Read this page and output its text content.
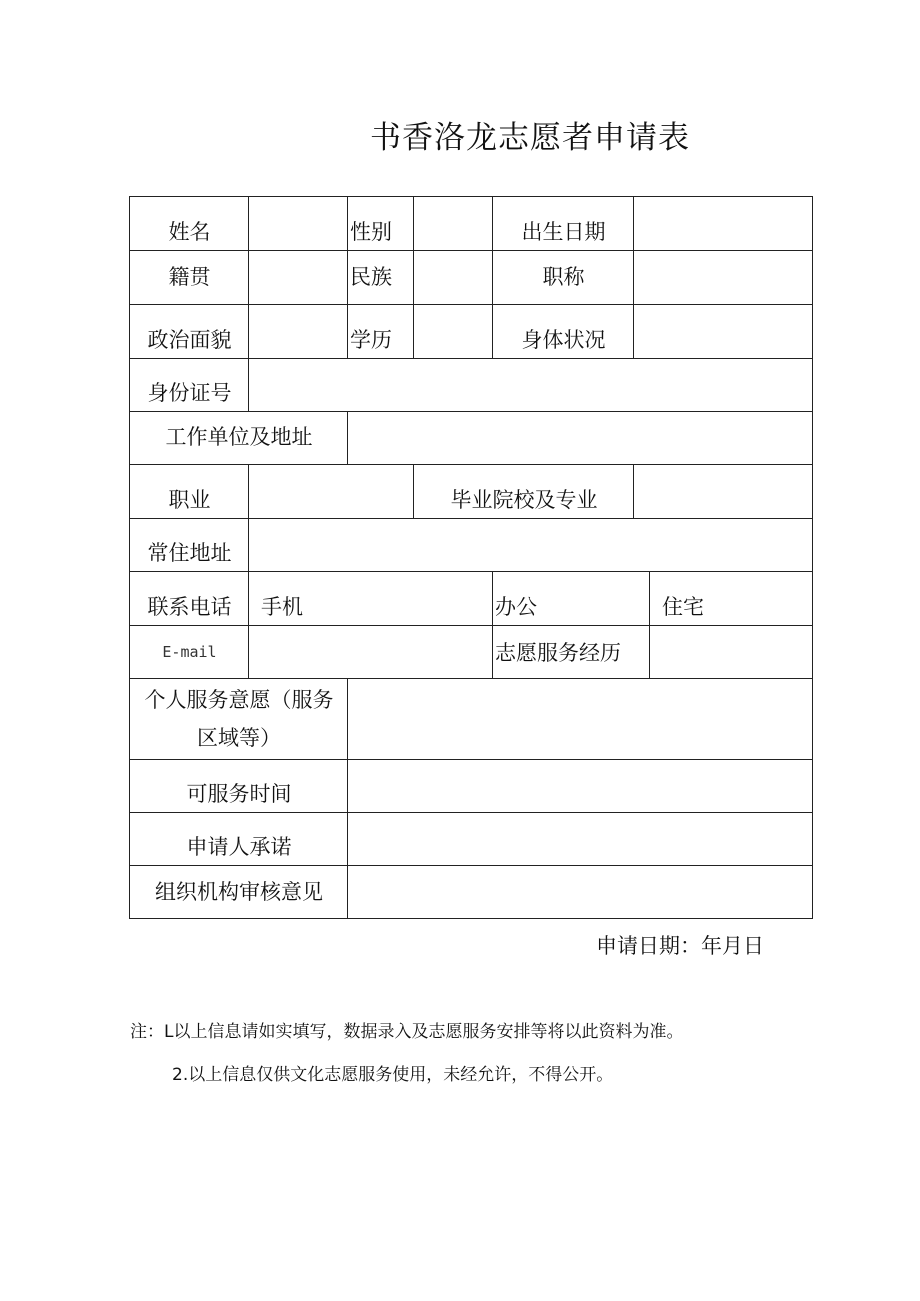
书香洛龙志愿者申请表
姓名	性别	出生日期
籍贯	民族	职称
政治面貌	学历	身体状况
身份证号
工作单位及地址
职业	毕业院校及专业
常住地址
联系电话	手机	办公	住宅
E-mail	志愿服务经历
个人服务意愿（服务
区域等）
可服务时间
申请人承诺
组织机构审核意见
申请日期：年月日
注：L以上信息请如实填写，数据录入及志愿服务安排等将以此资料为准。
2.以上信息仅供文化志愿服务使用，未经允许，不得公开。
